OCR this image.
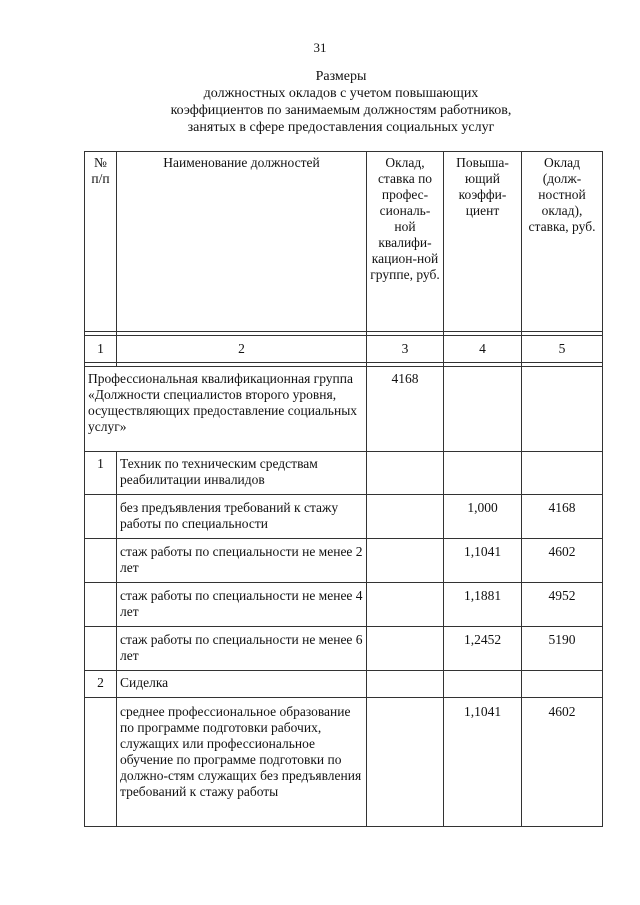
31
Размеры
должностных окладов с учетом повышающих
коэффициентов по занимаемым должностям работников,
занятых в сфере предоставления социальных услуг
№ п/п	Наименование должностей	Оклад, ставка по профес-сиональ-ной квалифи-кацион-ной группе, руб.	Повыша-ющий коэффи-циент	Оклад (долж-ностной оклад), ставка, руб.

1	2	3	4	5

Профессиональная квалификационная группа «Должности специалистов второго уровня, осуществляющих предоставление социальных услуг»		4168		
1	Техник по техническим средствам реабилитации инвалидов			
	без предъявления требований к стажу работы по специальности		1,000	4168
	стаж работы по специальности не менее 2 лет		1,1041	4602
	стаж работы по специальности не менее 4 лет		1,1881	4952
	стаж работы по специальности не менее 6 лет		1,2452	5190
2	Сиделка			
	среднее профессиональное образование по программе подготовки рабочих, служащих или профессиональное обучение по программе подготовки по должно-стям служащих без предъявления требований к стажу работы		1,1041	4602
